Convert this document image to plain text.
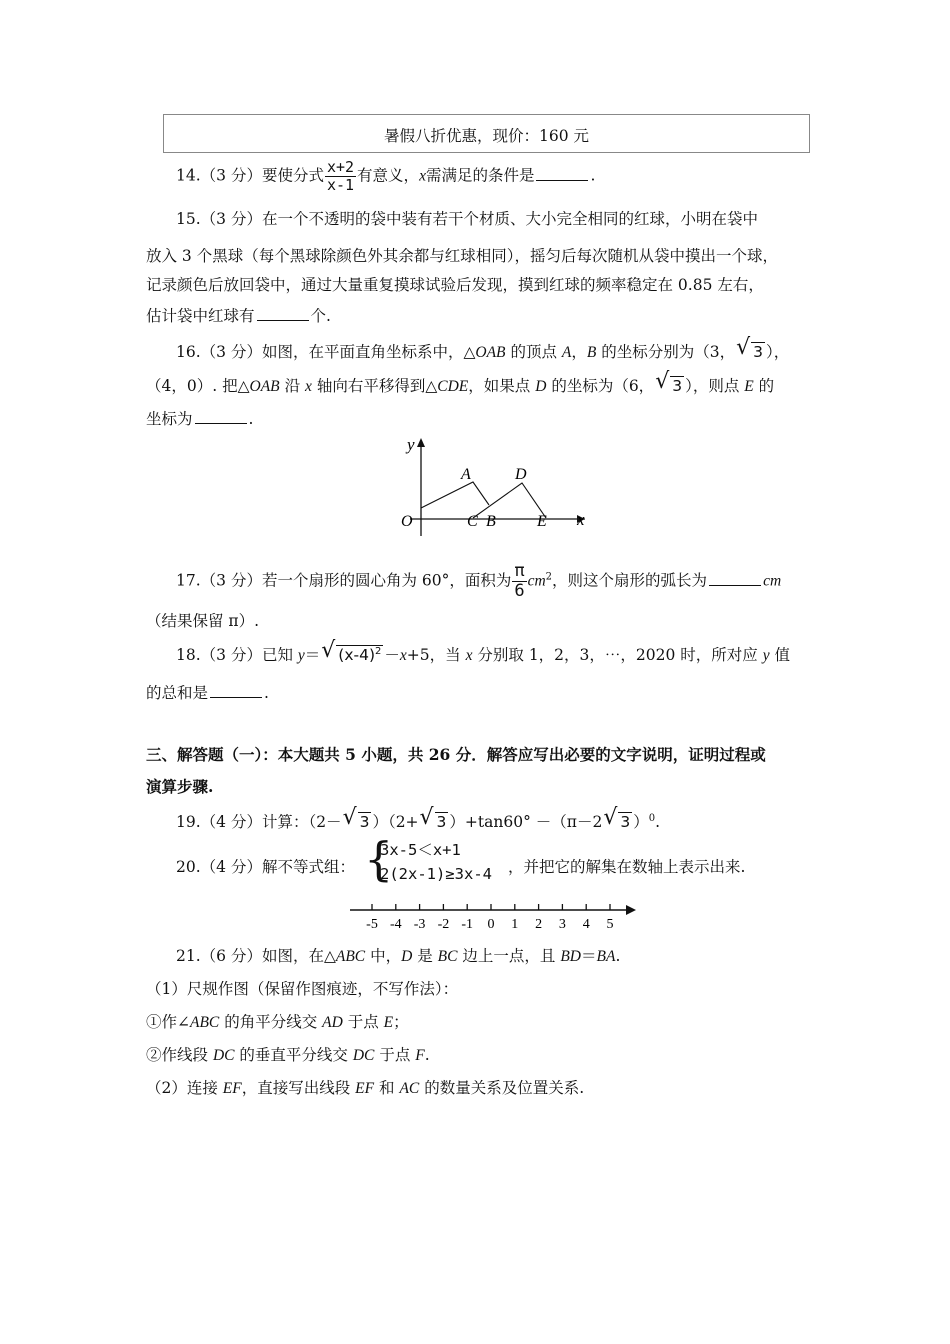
暑假八折优惠，现价：160 元
14.（3 分）要使分式 $\frac{x+2}{x-1}$ 有意义，x需满足的条件是	.
15.（3 分）在一个不透明的袋中装有若干个材质、大小完全相同的红球，小明在袋中
放入 3 个黑球（每个黑球除颜色外其余都与红球相同），摇匀后每次随机从袋中摸出一个球，
记录颜色后放回袋中，通过大量重复摸球试验后发现，摸到红球的频率稳定在 0.85 左右，
估计袋中红球有	个.
16.（3 分）如图，在平面直角坐标系中，△OAB 的顶点 A，B 的坐标分别为（3， √ 3 ），
（4，0）. 把△OAB 沿 x 轴向右平移得到△CDE，如果点 D 的坐标为（6， √ 3 ），则点 E 的
坐标为	.
y
x
O
A	D
C B	E
17.（3 分）若一个扇形的圆心角为 60°，面积为 $\frac{\pi}{6} cm^2$，则这个扇形的弧长为	cm
（结果保留 π）.
18.（3 分）已知 y＝ √ $(x-4)^2 -x+5$，当 x 分别取 1，2，3，⋯，2020 时，所对应 y 值
的总和是	.
三、解答题（一）：本大题共 5 小题，共 26 分．解答应写出必要的文字说明，证明过程或
演算步骤.
19.（4 分）计算：（2－ √ 3 ）（2+ √ 3 ）+tan60° －（π－2 √ 3 ）$^0$.
20.（4 分）解不等式组： {
3x-5＜x+1
2(2x-1)≥3x-4 ，并把它的解集在数轴上表示出来.
-5 -4 -3 -2 -1 0 1 2 3 4 5
21.（6 分）如图，在△ABC 中，D 是 BC 边上一点，且 BD＝BA.
（1）尺规作图（保留作图痕迹，不写作法）：
①作∠ABC 的角平分线交 AD 于点 E；
②作线段 DC 的垂直平分线交 DC 于点 F.
（2）连接 EF，直接写出线段 EF 和 AC 的数量关系及位置关系.
